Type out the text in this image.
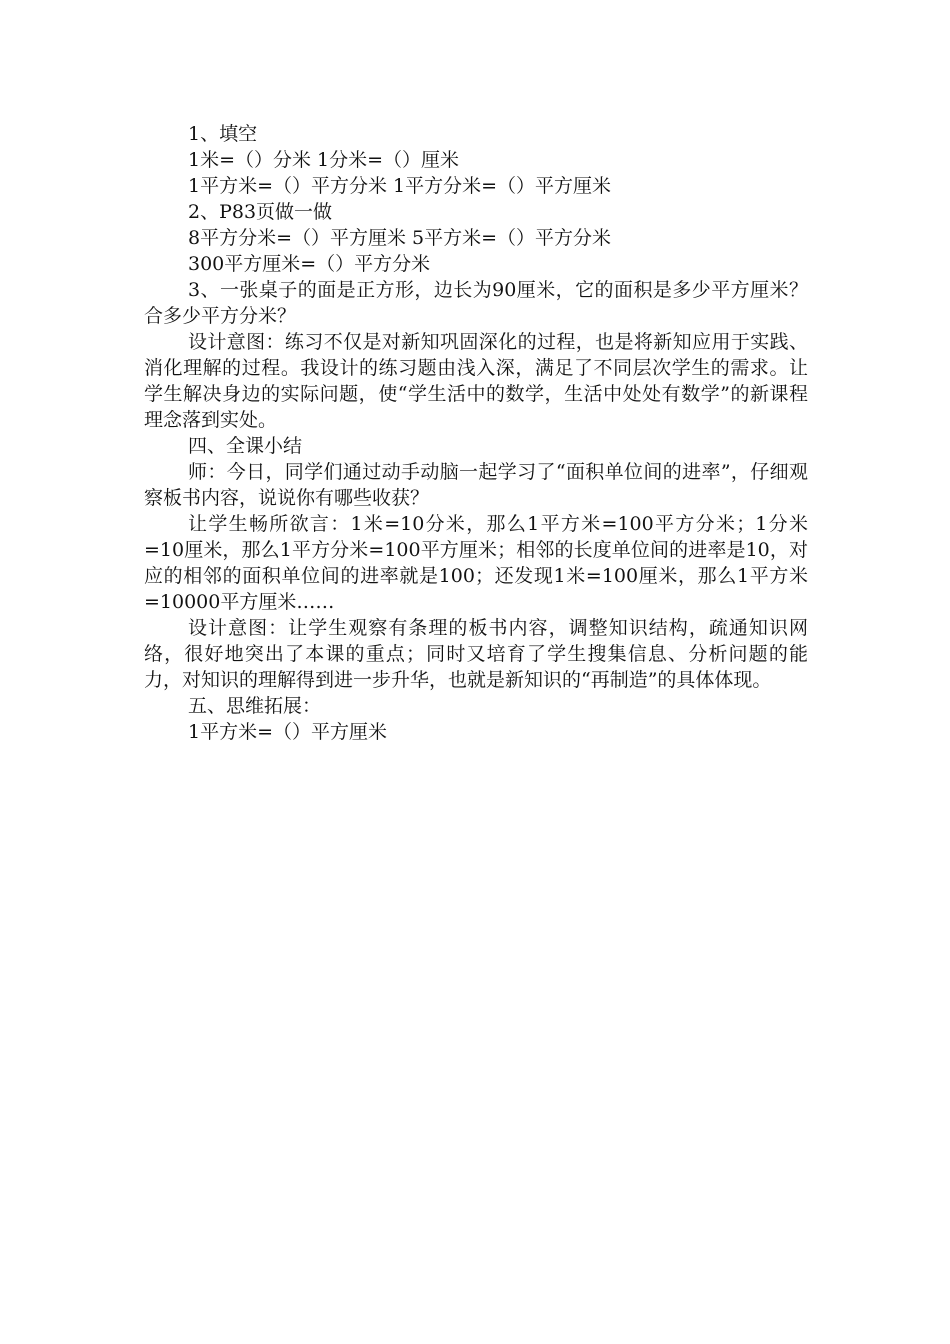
1、填空
1米=（）分米 1分米=（）厘米
1平方米=（）平方分米 1平方分米=（）平方厘米
2、P83页做一做
8平方分米=（）平方厘米 5平方米=（）平方分米
300平方厘米=（）平方分米
3、一张桌子的面是正方形，边长为90厘米，它的面积是多少平方厘米？合多少平方分米？
设计意图：练习不仅是对新知巩固深化的过程，也是将新知应用于实践、消化理解的过程。我设计的练习题由浅入深，满足了不同层次学生的需求。让学生解决身边的实际问题，使“学生活中的数学，生活中处处有数学”的新课程理念落到实处。
四、全课小结
师：今日，同学们通过动手动脑一起学习了“面积单位间的进率”，仔细观察板书内容，说说你有哪些收获？
让学生畅所欲言：1米=10分米，那么1平方米=100平方分米；1分米=10厘米，那么1平方分米=100平方厘米；相邻的长度单位间的进率是10，对应的相邻的面积单位间的进率就是100；还发现1米=100厘米，那么1平方米=10000平方厘米……
设计意图：让学生观察有条理的板书内容，调整知识结构，疏通知识网络，很好地突出了本课的重点；同时又培育了学生搜集信息、分析问题的能力，对知识的理解得到进一步升华，也就是新知识的“再制造”的具体体现。
五、思维拓展：
1平方米=（）平方厘米
